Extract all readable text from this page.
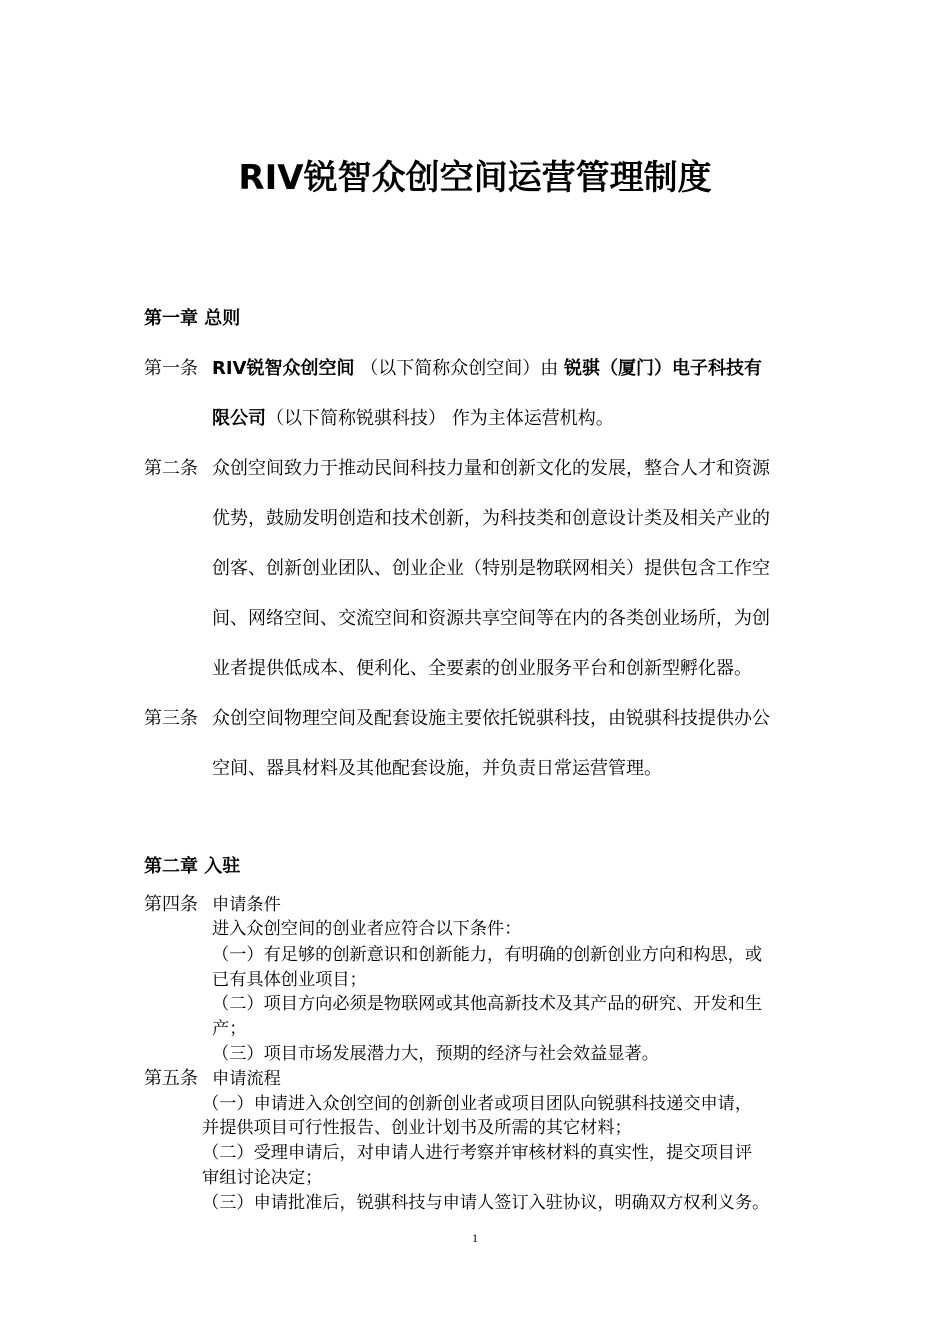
RIV锐智众创空间运营管理制度
第一章 总则
第一条 RIV锐智众创空间 （以下简称众创空间）由 锐骐（厦门）电子科技有
限公司（以下简称锐骐科技） 作为主体运营机构。
第二条 众创空间致力于推动民间科技力量和创新文化的发展，整合人才和资源
优势，鼓励发明创造和技术创新，为科技类和创意设计类及相关产业的
创客、创新创业团队、创业企业（特别是物联网相关）提供包含工作空
间、网络空间、交流空间和资源共享空间等在内的各类创业场所，为创
业者提供低成本、便利化、全要素的创业服务平台和创新型孵化器。
第三条 众创空间物理空间及配套设施主要依托锐骐科技，由锐骐科技提供办公
空间、器具材料及其他配套设施，并负责日常运营管理。
第二章 入驻
第四条 申请条件
进入众创空间的创业者应符合以下条件：
（一）有足够的创新意识和创新能力，有明确的创新创业方向和构思，或
已有具体创业项目；
（二）项目方向必须是物联网或其他高新技术及其产品的研究、开发和生
产；
（三）项目市场发展潜力大，预期的经济与社会效益显著。
第五条 申请流程
（一）申请进入众创空间的创新创业者或项目团队向锐骐科技递交申请，
并提供项目可行性报告、创业计划书及所需的其它材料；
（二）受理申请后，对申请人进行考察并审核材料的真实性，提交项目评
审组讨论决定；
（三）申请批准后，锐骐科技与申请人签订入驻协议，明确双方权利义务。
1
